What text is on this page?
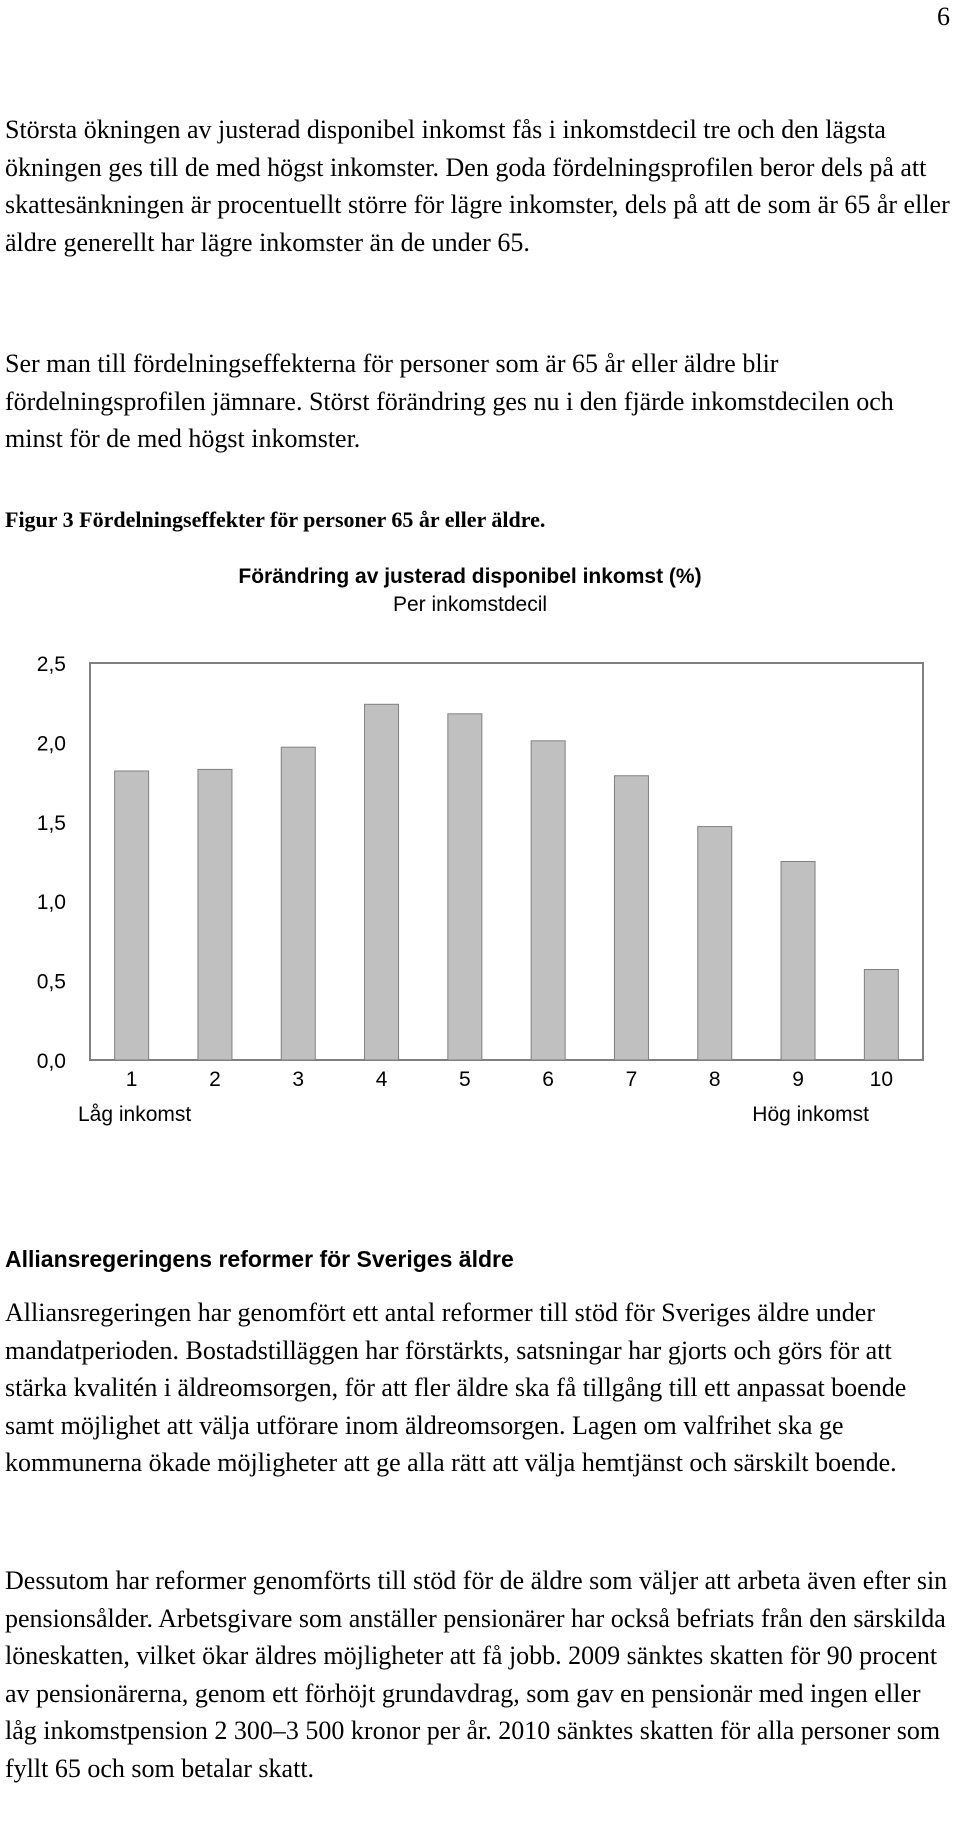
6

Största ökningen av justerad disponibel inkomst fås i inkomstdecil tre och den lägsta ökningen ges till de med högst inkomster. Den goda fördelningsprofilen beror dels på att skattesänkningen är procentuellt större för lägre inkomster, dels på att de som är 65 år eller äldre generellt har lägre inkomster än de under 65.

Ser man till fördelningseffekterna för personer som är 65 år eller äldre blir fördelningsprofilen jämnare. Störst förändring ges nu i den fjärde inkomstdecilen och minst för de med högst inkomster.

Figur 3 Fördelningseffekter för personer 65 år eller äldre.
Förändring av justerad disponibel inkomst (%)
Per inkomstdecil
0,0
0,5
1,0
1,5
2,0
2,5
1	2	3	4	5	6	7	8	9	10
Låg inkomst	Hög inkomst
Alliansregeringens reformer för Sveriges äldre

Alliansregeringen har genomfört ett antal reformer till stöd för Sveriges äldre under mandatperioden. Bostadstilläggen har förstärkts, satsningar har gjorts och görs för att stärka kvalitén i äldreomsorgen, för att fler äldre ska få tillgång till ett anpassat boende samt möjlighet att välja utförare inom äldreomsorgen. Lagen om valfrihet ska ge kommunerna ökade möjligheter att ge alla rätt att välja hemtjänst och särskilt boende.

Dessutom har reformer genomförts till stöd för de äldre som väljer att arbeta även efter sin pensionsålder. Arbetsgivare som anställer pensionärer har också befriats från den särskilda löneskatten, vilket ökar äldres möjligheter att få jobb. 2009 sänktes skatten för 90 procent av pensionärerna, genom ett förhöjt grundavdrag, som gav en pensionär med ingen eller låg inkomstpension 2 300–3 500 kronor per år. 2010 sänktes skatten för alla personer som fyllt 65 och som betalar skatt.
